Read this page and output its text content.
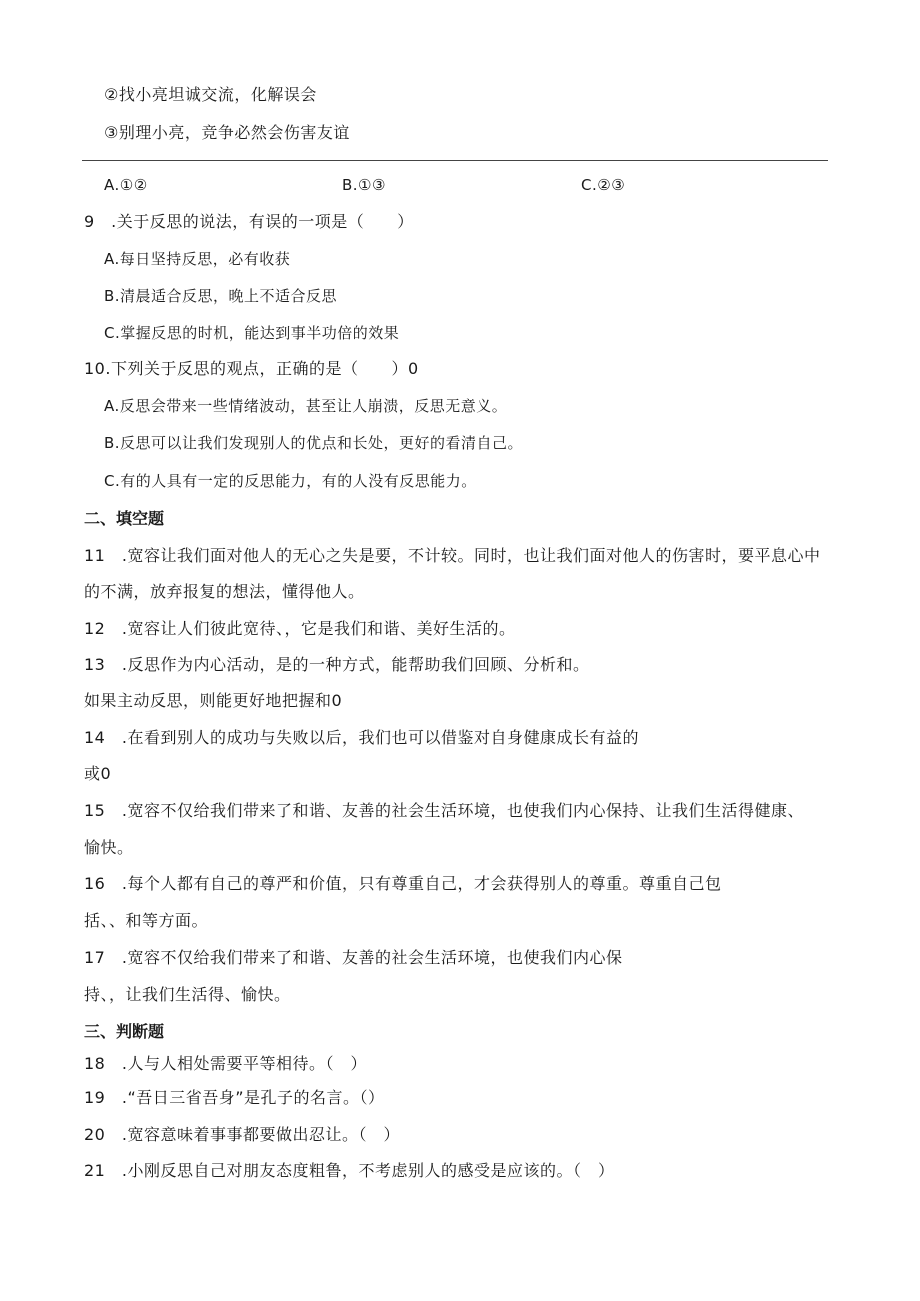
②找小亮坦诚交流，化解误会
③别理小亮，竞争必然会伤害友谊
A.①②	B.①③	C.②③
9　.关于反思的说法，有误的一项是（　　）
A.每日坚持反思，必有收获
B.清晨适合反思，晚上不适合反思
C.掌握反思的时机，能达到事半功倍的效果
10.下列关于反思的观点，正确的是（　　）0
A.反思会带来一些情绪波动，甚至让人崩溃，反思无意义。
B.反思可以让我们发现别人的优点和长处，更好的看清自己。
C.有的人具有一定的反思能力，有的人没有反思能力。
二、填空题
11　.宽容让我们面对他人的无心之失是要，不计较。同时，也让我们面对他人的伤害时，要平息心中
的不满，放弃报复的想法，懂得他人。
12　.宽容让人们彼此宽待、，它是我们和谐、美好生活的。
13　.反思作为内心活动，是的一种方式，能帮助我们回顾、分析和。
如果主动反思，则能更好地把握和0
14　.在看到别人的成功与失败以后，我们也可以借鉴对自身健康成长有益的
或0
15　.宽容不仅给我们带来了和谐、友善的社会生活环境，也使我们内心保持、让我们生活得健康、
愉快。
16　.每个人都有自己的尊严和价值，只有尊重自己，才会获得别人的尊重。尊重自己包
括、、和等方面。
17　.宽容不仅给我们带来了和谐、友善的社会生活环境，也使我们内心保
持、，让我们生活得、愉快。
三、判断题
18　.人与人相处需要平等相待。（　）
19　.“吾日三省吾身”是孔子的名言。（）
20　.宽容意味着事事都要做出忍让。（　）
21　.小刚反思自己对朋友态度粗鲁，不考虑别人的感受是应该的。（　）
